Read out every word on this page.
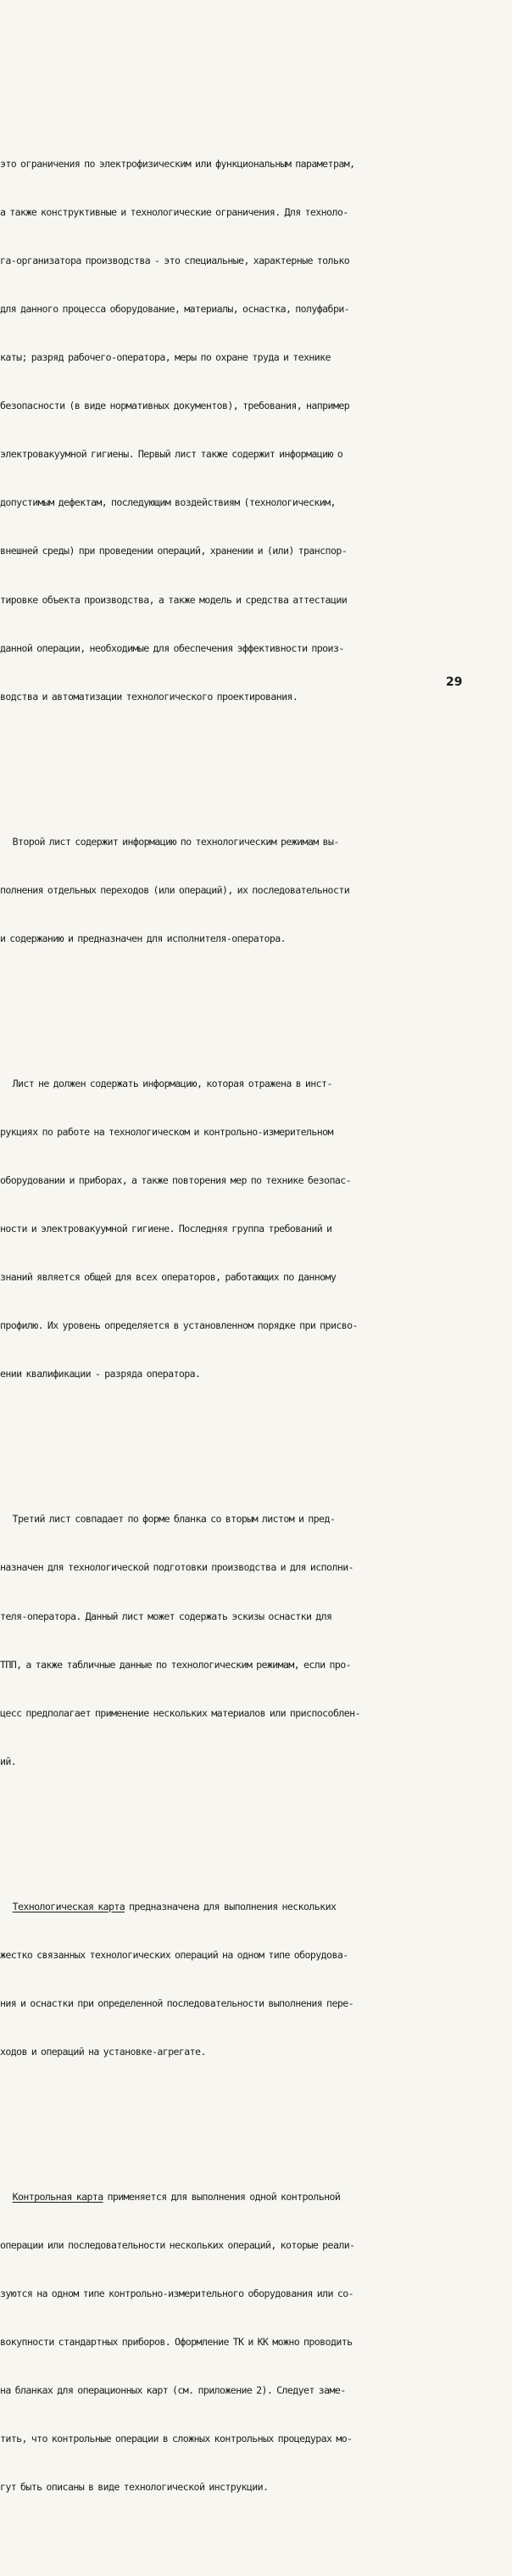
это ограничения по электрофизическим или функциональным параметрам,

а также конструктивные и технологические ограничения. Для техноло-

га-организатора производства - это специальные, характерные только

для данного процесса оборудование, материалы, оснастка, полуфабри-

каты; разряд рабочего-оператора, меры по охране труда и технике

безопасности (в виде нормативных документов), требования, например

электровакуумной гигиены. Первый лист также содержит информацию о

допустимым дефектам, последующим воздействиям (технологическим,

внешней среды) при проведении операций, хранении и (или) транспор-

тировке объекта производства, а также модель и средства аттестации

данной операции, необходимые для обеспечения эффективности произ-

водства и автоматизации технологического проектирования.

Второй лист содержит информацию по технологическим режимам вы-

полнения отдельных переходов (или операций), их последовательности

и содержанию и предназначен для исполнителя-оператора.

Лист не должен содержать информацию, которая отражена в инст-

рукциях по работе на технологическом и контрольно-измерительном

оборудовании и приборах, а также повторения мер по технике безопас-

ности и электровакуумной гигиене. Последняя группа требований и

знаний является общей для всех операторов, работающих по данному

профилю. Их уровень определяется в установленном порядке при присво-

ении квалификации - разряда оператора.

Третий лист совпадает по форме бланка со вторым листом и пред-

назначен для технологической подготовки производства и для исполни-

теля-оператора. Данный лист может содержать эскизы оснастки для

ТПП, а также табличные данные по технологическим режимам, если про-

цесс предполагает применение нескольких материалов или приспособлен-

ий.

Технологическая карта предназначена для выполнения нескольких

жестко связанных технологических операций на одном типе оборудова-

ния и оснастки при определенной последовательности выполнения пере-

ходов и операций на установке-агрегате.

Контрольная карта применяется для выполнения одной контрольной

операции или последовательности нескольких операций, которые реали-

зуются на одном типе контрольно-измерительного оборудования или со-

вокупности стандартных приборов. Оформление ТК и КК можно проводить

на бланках для операционных карт (см. приложение 2). Следует заме-

тить, что контрольные операции в сложных контрольных процедурах мо-

гут быть описаны в виде технологической инструкции.

29
